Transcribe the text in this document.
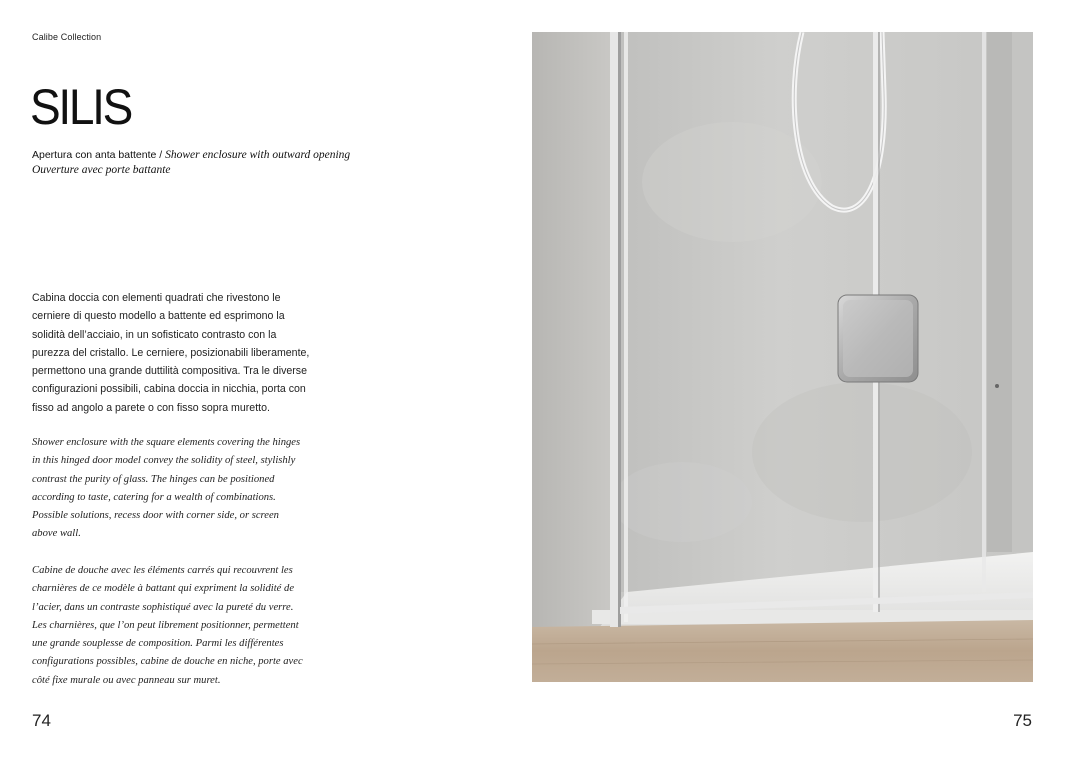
Calibe Collection
SILIS
Apertura con anta battente / Shower enclosure with outward opening
Ouverture avec porte battante

Cabina doccia con elementi quadrati che rivestono le

cerniere di questo modello a battente ed esprimono la

solidità dell’acciaio, in un sofisticato contrasto con la

purezza del cristallo. Le cerniere, posizionabili liberamente,

permettono una grande duttilità compositiva. Tra le diverse

configurazioni possibili, cabina doccia in nicchia, porta con

fisso ad angolo a parete o con fisso sopra muretto.

Shower enclosure with the square elements covering the hinges

in this hinged door model convey the solidity of steel, stylishly

contrast the purity of glass. The hinges can be positioned

according to taste, catering for a wealth of combinations.

Possible solutions, recess door with corner side, or screen

above wall.

Cabine de douche avec les éléments carrés qui recouvrent les

charnières de ce modèle à battant qui expriment la solidité de

l’acier, dans un contraste sophistiqué avec la pureté du verre.

Les charnières, que l’on peut librement positionner, permettent

une grande souplesse de composition. Parmi les différentes

configurations possibles, cabine de douche en niche, porte avec

côté fixe murale ou avec panneau sur muret.

74	75
